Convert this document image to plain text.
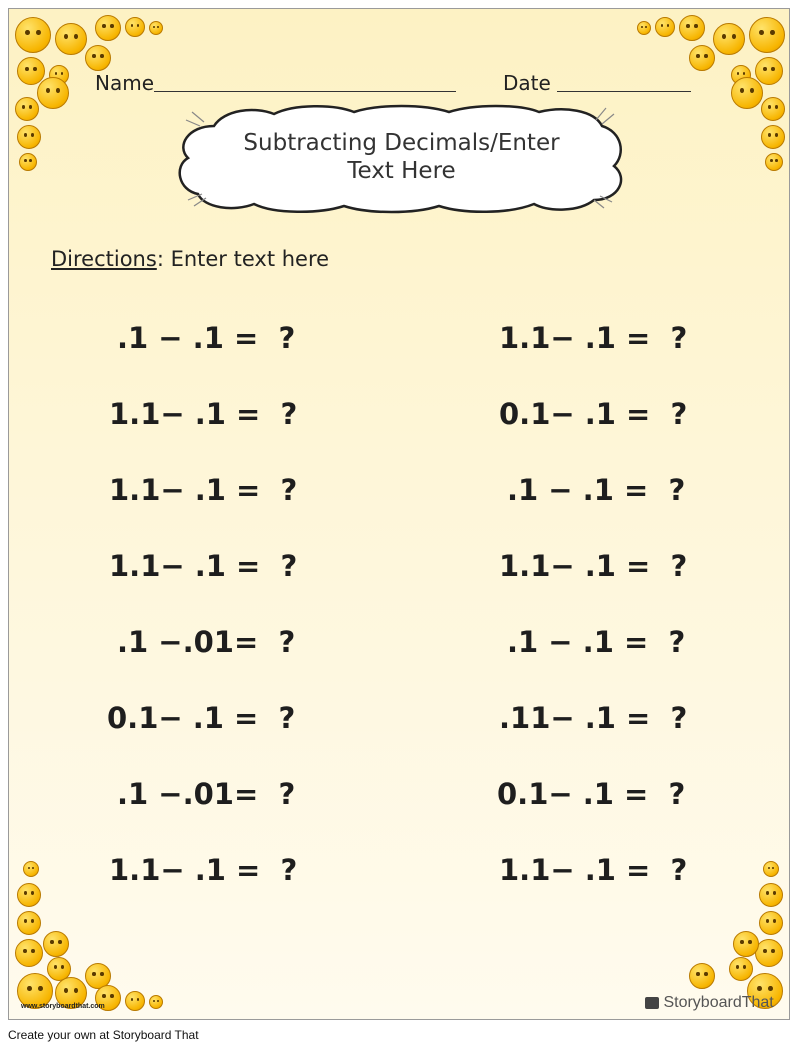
Name	Date
Subtracting Decimals/Enter
Text Here
Directions: Enter text here
.1 − .1 =  ?
1.1− .1 =  ?
1.1− .1 =  ?
1.1− .1 =  ?
.1 −.01=  ?
0.1− .1 =  ?
.1 −.01=  ?
1.1− .1 =  ?
1.1− .1 =  ?
0.1− .1 =  ?
.1 − .1 =  ?
1.1− .1 =  ?
.1 − .1 =  ?
.11− .1 =  ?
0.1− .1 =  ?
1.1− .1 =  ?
www.storyboardthat.com	StoryboardThat
Create your own at Storyboard That
